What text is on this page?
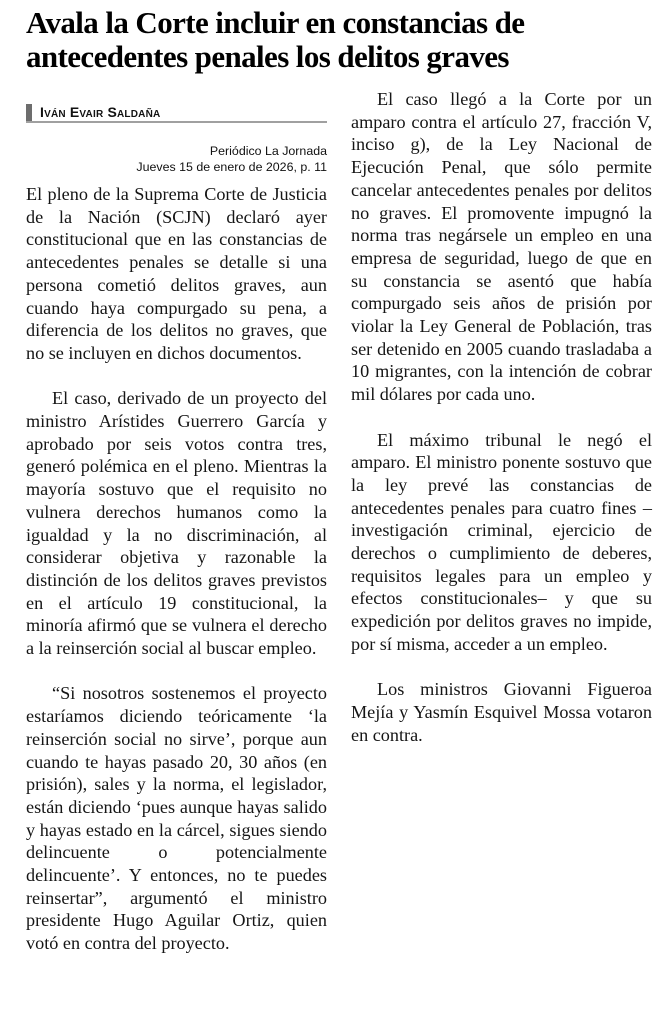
Avala la Corte incluir en constancias de antecedentes penales los delitos graves
Iván Evair Saldaña
Periódico La Jornada
Jueves 15 de enero de 2026, p. 11

El pleno de la Suprema Corte de Justicia de la Nación (SCJN) declaró ayer constitucional que en las constancias de antecedentes penales se detalle si una persona cometió delitos graves, aun cuando haya compurgado su pena, a diferencia de los delitos no graves, que no se incluyen en dichos documentos.

El caso, derivado de un proyecto del ministro Arístides Guerrero García y aprobado por seis votos contra tres, generó polémica en el pleno. Mientras la mayoría sostuvo que el requisito no vulnera derechos humanos como la igualdad y la no discriminación, al considerar objetiva y razonable la distinción de los delitos graves previstos en el artículo 19 constitucional, la minoría afirmó que se vulnera el derecho a la reinserción social al buscar empleo.

“Si nosotros sostenemos el proyecto estaríamos diciendo teóricamente ‘la reinserción social no sirve’, porque aun cuando te hayas pasado 20, 30 años (en prisión), sales y la norma, el legislador, están diciendo ‘pues aunque hayas salido y hayas estado en la cárcel, sigues siendo delincuente o potencialmente delincuente’. Y entonces, no te puedes reinsertar”, argumentó el ministro presidente Hugo Aguilar Ortiz, quien votó en contra del proyecto.

El caso llegó a la Corte por un amparo contra el artículo 27, fracción V, inciso g), de la Ley Nacional de Ejecución Penal, que sólo permite cancelar antecedentes penales por delitos no graves. El promovente impugnó la norma tras negársele un empleo en una empresa de seguridad, luego de que en su constancia se asentó que había compurgado seis años de prisión por violar la Ley General de Población, tras ser detenido en 2005 cuando trasladaba a 10 migrantes, con la intención de cobrar mil dólares por cada uno.

El máximo tribunal le negó el amparo. El ministro ponente sostuvo que la ley prevé las constancias de antecedentes penales para cuatro fines –investigación criminal, ejercicio de derechos o cumplimiento de deberes, requisitos legales para un empleo y efectos constitucionales– y que su expedición por delitos graves no impide, por sí misma, acceder a un empleo.

Los ministros Giovanni Figueroa Mejía y Yasmín Esquivel Mossa votaron en contra.
